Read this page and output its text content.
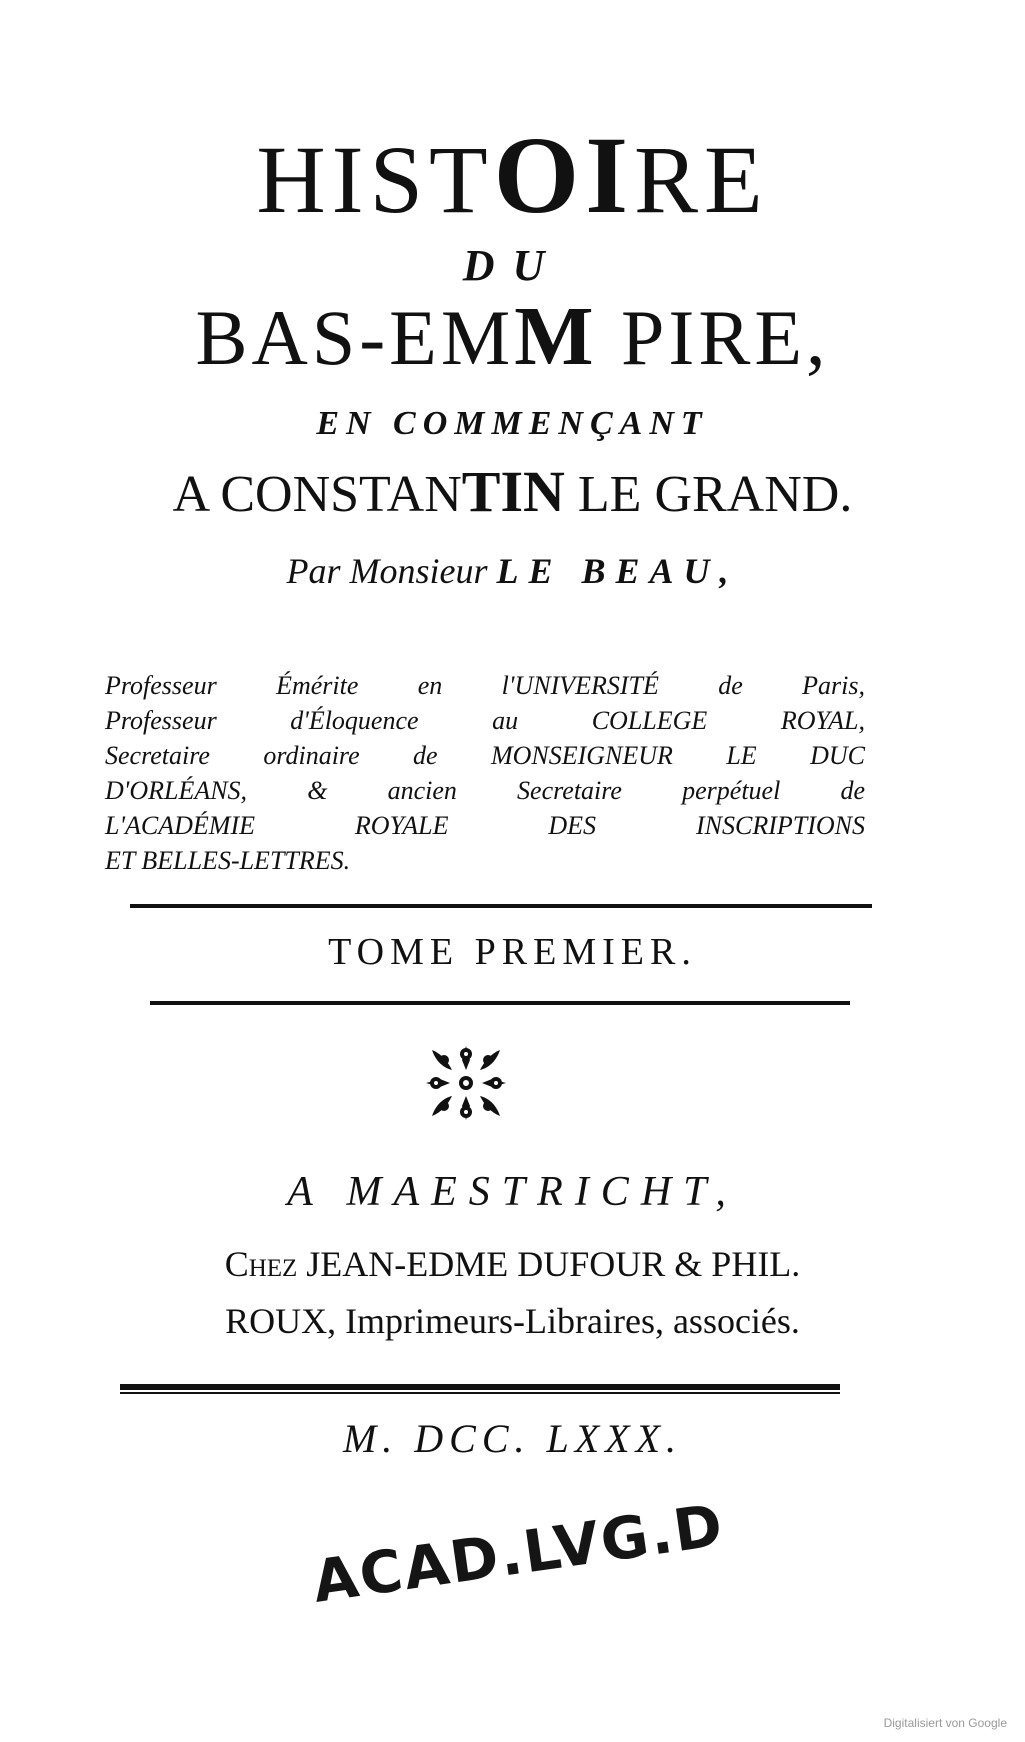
HISTOIRE
DU
BAS-EMM PIRE,
EN COMMENÇANT
A CONSTANTIN LE GRAND.
Par Monsieur LE BEAU,
Professeur Émérite en l'UNIVERSITÉ de Paris,
Professeur d'Éloquence au COLLEGE ROYAL,
Secretaire ordinaire de MONSEIGNEUR LE DUC
D'ORLÉANS, & ancien Secretaire perpétuel de
L'ACADÉMIE ROYALE DES INSCRIPTIONS
ET BELLES-LETTRES.
TOME PREMIER.
A MAESTRICHT,
Chez JEAN-EDME DUFOUR & PHIL.
ROUX, Imprimeurs-Libraires, associés.
M. DCC. LXXX.
ACAD.LVG.D
Digitalisiert von Google
